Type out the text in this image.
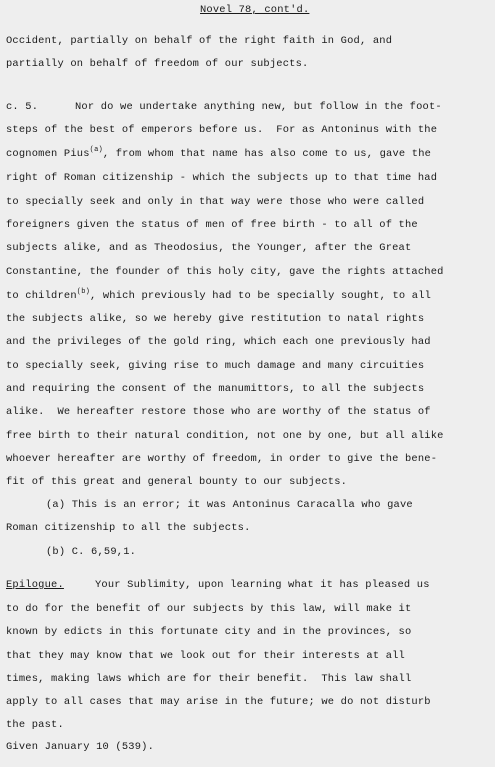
Novel 78, cont'd.
Occident, partially on behalf of the right faith in God, and
partially on behalf of freedom of our subjects.
c. 5.	Nor do we undertake anything new, but follow in the foot-
steps of the best of emperors before us.  For as Antoninus with the
cognomen Pius$^{(a)}$, from whom that name has also come to us, gave the
right of Roman citizenship - which the subjects up to that time had
to specially seek and only in that way were those who were called
foreigners given the status of men of free birth - to all of the
subjects alike, and as Theodosius, the Younger, after the Great
Constantine, the founder of this holy city, gave the rights attached
to children$^{(b)}$, which previously had to be specially sought, to all
the subjects alike, so we hereby give restitution to natal rights
and the privileges of the gold ring, which each one previously had
to specially seek, giving rise to much damage and many circuities
and requiring the consent of the manumittors, to all the subjects
alike.  We hereafter restore those who are worthy of the status of
free birth to their natural condition, not one by one, but all alike
whoever hereafter are worthy of freedom, in order to give the bene-
fit of this great and general bounty to our subjects.
(a) This is an error; it was Antoninus Caracalla who gave
Roman citizenship to all the subjects.
(b) C. 6,59,1.
Epilogue.	Your Sublimity, upon learning what it has pleased us
to do for the benefit of our subjects by this law, will make it
known by edicts in this fortunate city and in the provinces, so
that they may know that we look out for their interests at all
times, making laws which are for their benefit.  This law shall
apply to all cases that may arise in the future; we do not disturb
the past.
Given January 10 (539).
